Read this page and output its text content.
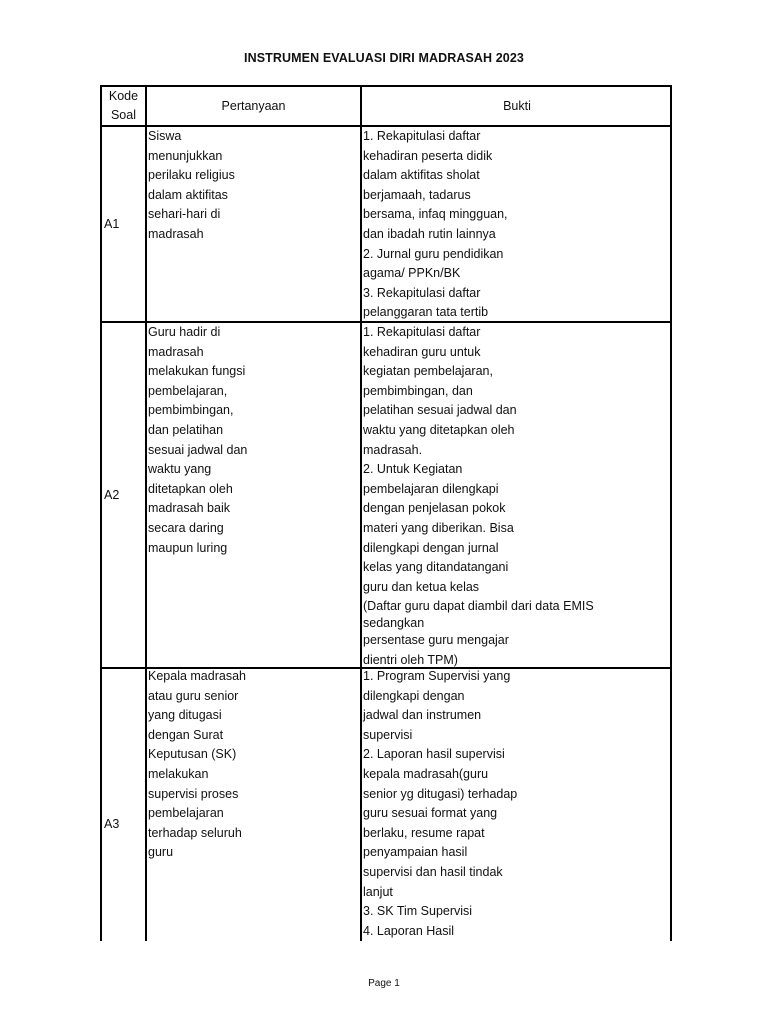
INSTRUMEN EVALUASI DIRI MADRASAH 2023
Kode
Soal
Pertanyaan	Bukti
A1
Siswa
menunjukkan
perilaku religius
dalam aktifitas
sehari-hari di
madrasah
1. Rekapitulasi daftar
kehadiran peserta didik
dalam aktifitas sholat
berjamaah, tadarus
bersama, infaq mingguan,
dan ibadah rutin lainnya
2. Jurnal guru pendidikan
agama/ PPKn/BK
3. Rekapitulasi daftar
pelanggaran tata tertib
A2
Guru hadir di
madrasah
melakukan fungsi
pembelajaran,
pembimbingan,
dan pelatihan
sesuai jadwal dan
waktu yang
ditetapkan oleh
madrasah baik
secara daring
maupun luring
1. Rekapitulasi daftar
kehadiran guru untuk
kegiatan pembelajaran,
pembimbingan, dan
pelatihan sesuai jadwal dan
waktu yang ditetapkan oleh
madrasah.
2. Untuk Kegiatan
pembelajaran dilengkapi
dengan penjelasan pokok
materi yang diberikan. Bisa
dilengkapi dengan jurnal
kelas yang ditandatangani
guru dan ketua kelas
(Daftar guru dapat diambil dari data EMIS
sedangkan
persentase guru mengajar
dientri oleh TPM)
A3
Kepala madrasah
atau guru senior
yang ditugasi
dengan Surat
Keputusan (SK)
melakukan
supervisi proses
pembelajaran
terhadap seluruh
guru
1. Program Supervisi yang
dilengkapi dengan
jadwal dan instrumen
supervisi
2. Laporan hasil supervisi
kepala madrasah(guru
senior yg ditugasi) terhadap
guru sesuai format yang
berlaku, resume rapat
penyampaian hasil
supervisi dan hasil tindak
lanjut
3. SK Tim Supervisi
4. Laporan Hasil
Page 1
